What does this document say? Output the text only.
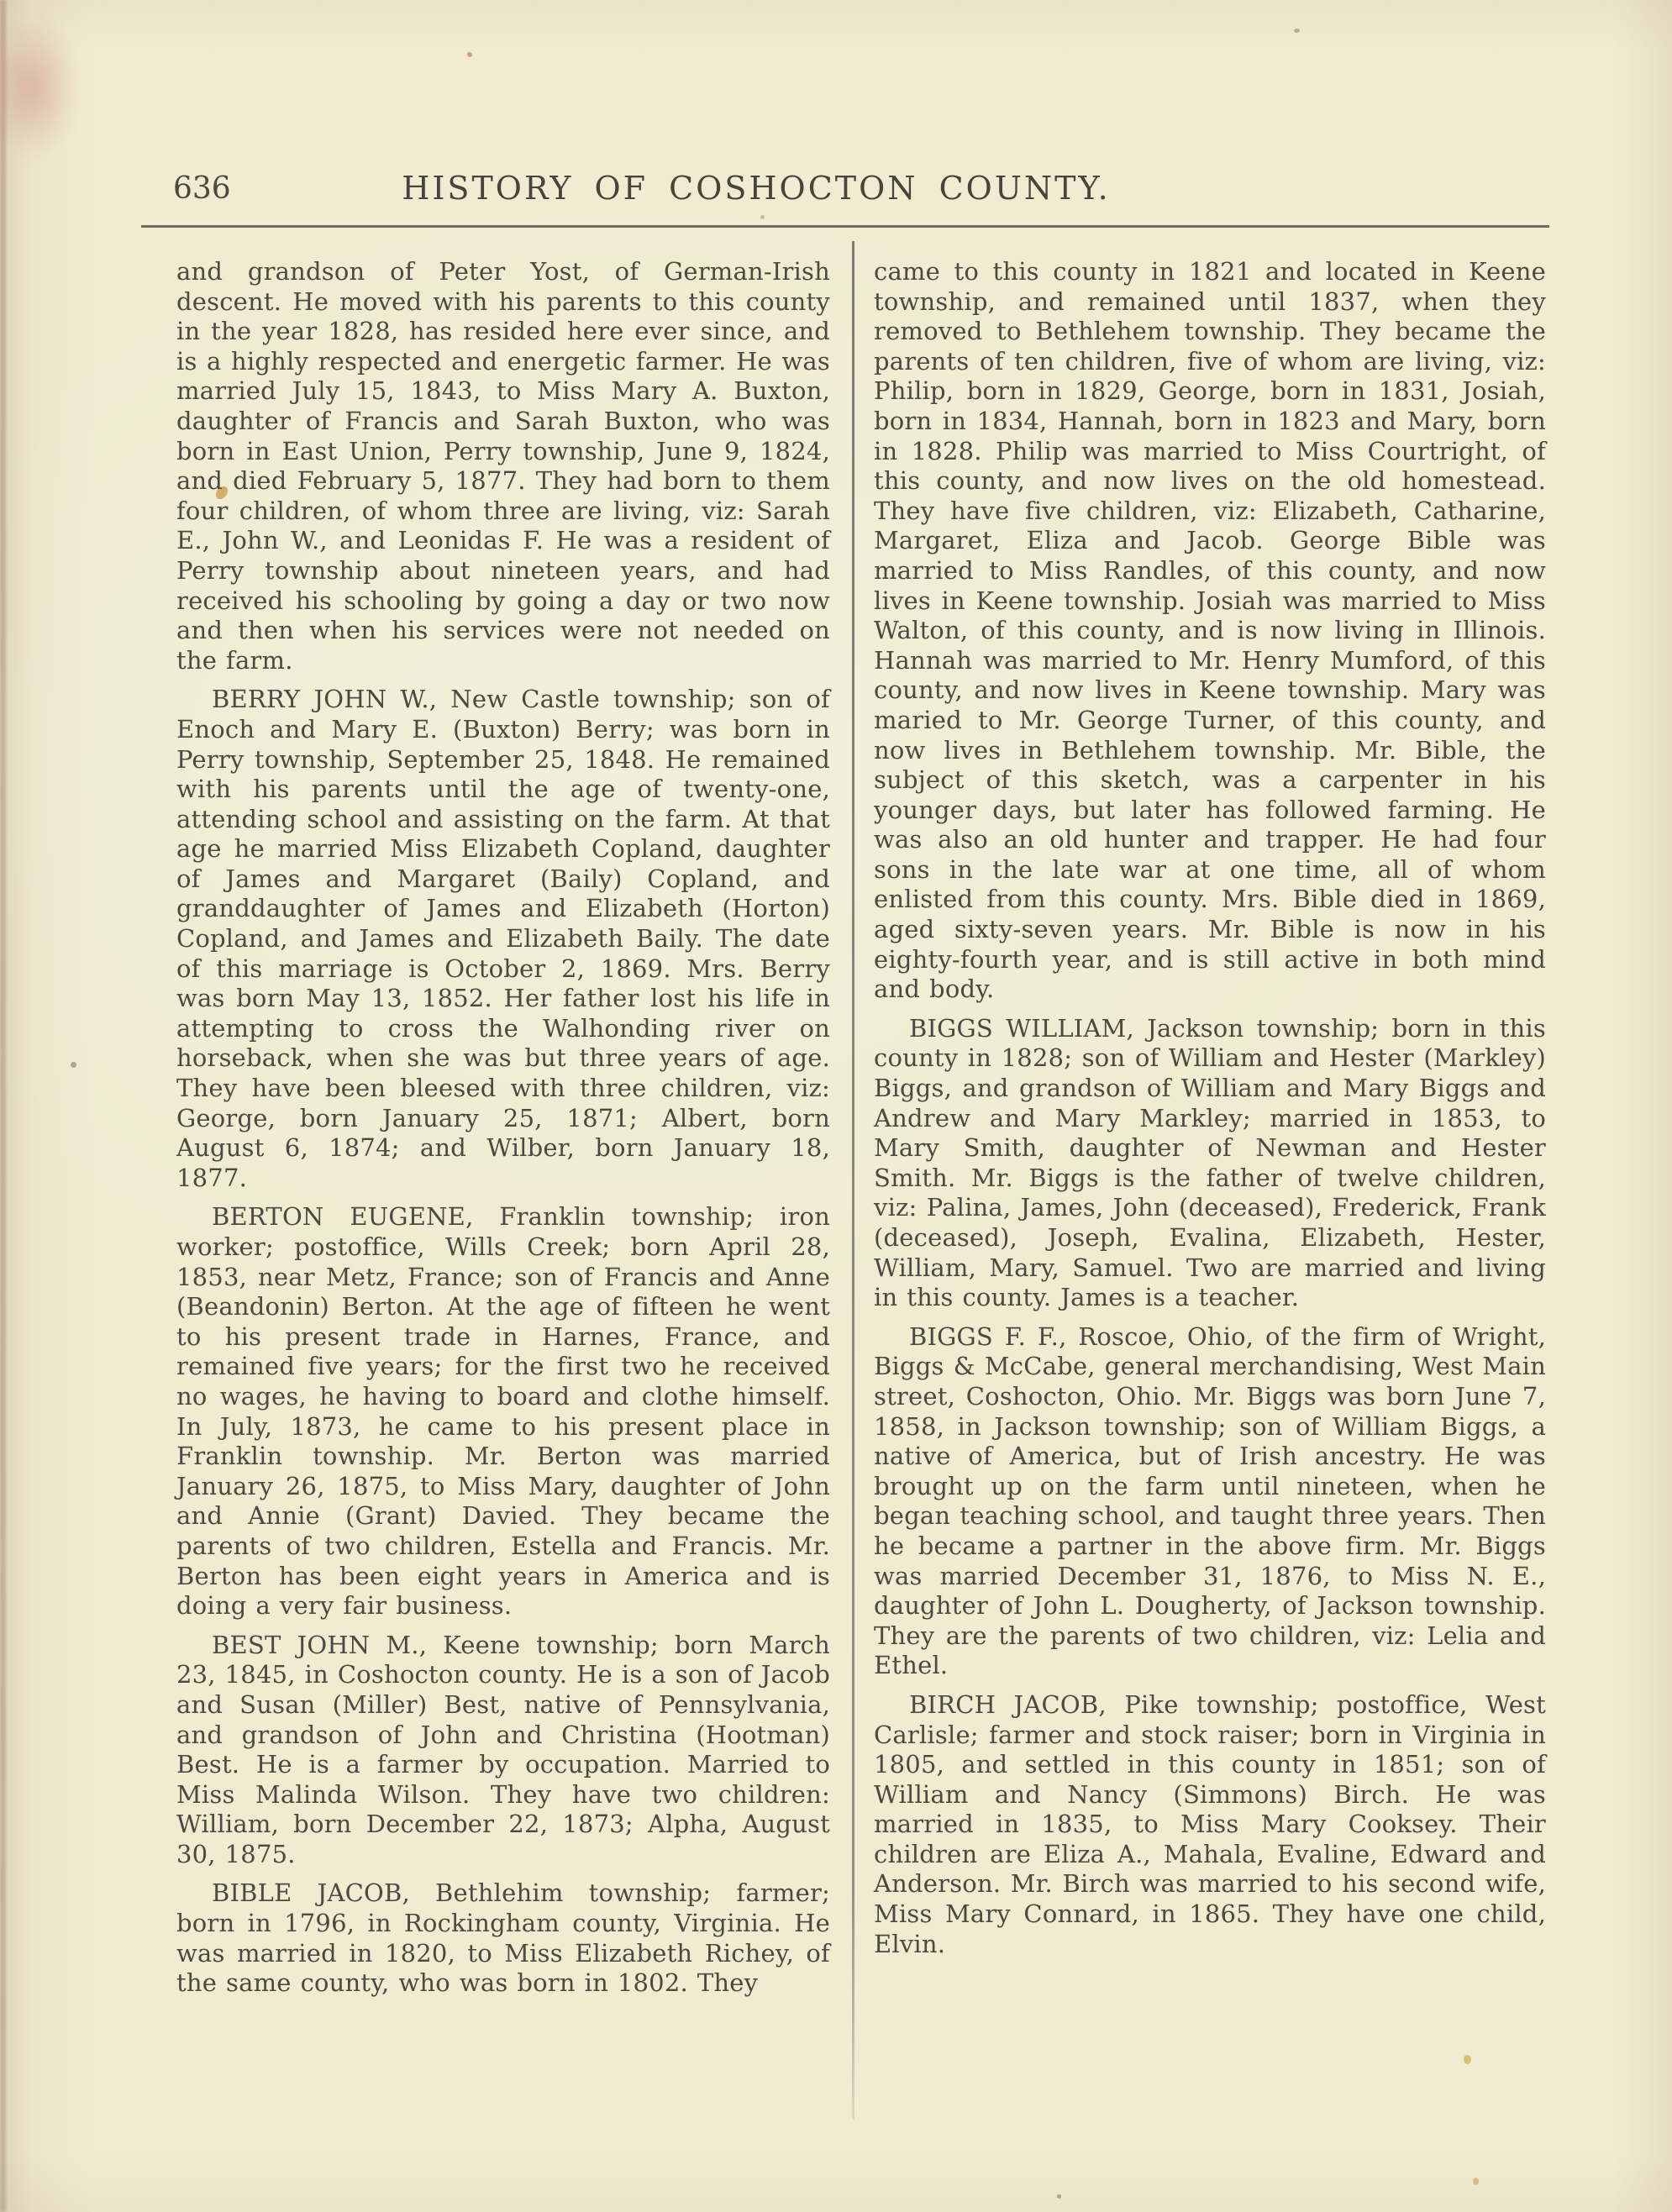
636	HISTORY OF COSHOCTON COUNTY.

and grandson of Peter Yost, of German-Irish descent. He moved with his parents to this county in the year 1828, has resided here ever since, and is a highly respected and energetic farmer. He was married July 15, 1843, to Miss Mary A. Buxton, daughter of Francis and Sarah Buxton, who was born in East Union, Perry township, June 9, 1824, and died February 5, 1877. They had born to them four children, of whom three are living, viz: Sarah E., John W., and Leonidas F. He was a resident of Perry township about nineteen years, and had received his schooling by going a day or two now and then when his services were not needed on the farm.

BERRY JOHN W., New Castle township; son of Enoch and Mary E. (Buxton) Berry; was born in Perry township, September 25, 1848. He remained with his parents until the age of twenty-one, attending school and assisting on the farm. At that age he married Miss Elizabeth Copland, daughter of James and Margaret (Baily) Copland, and granddaughter of James and Elizabeth (Horton) Copland, and James and Elizabeth Baily. The date of this marriage is October 2, 1869. Mrs. Berry was born May 13, 1852. Her father lost his life in attempting to cross the Walhonding river on horseback, when she was but three years of age. They have been bleesed with three children, viz: George, born January 25, 1871; Albert, born August 6, 1874; and Wilber, born January 18, 1877.

BERTON EUGENE, Franklin township; iron worker; postoffice, Wills Creek; born April 28, 1853, near Metz, France; son of Francis and Anne (Beandonin) Berton. At the age of fifteen he went to his present trade in Harnes, France, and remained five years; for the first two he received no wages, he having to board and clothe himself. In July, 1873, he came to his present place in Franklin township. Mr. Berton was married January 26, 1875, to Miss Mary, daughter of John and Annie (Grant) Davied. They became the parents of two children, Estella and Francis. Mr. Berton has been eight years in America and is doing a very fair business.

BEST JOHN M., Keene township; born March 23, 1845, in Coshocton county. He is a son of Jacob and Susan (Miller) Best, native of Pennsylvania, and grandson of John and Christina (Hootman) Best. He is a farmer by occupation. Married to Miss Malinda Wilson. They have two children: William, born December 22, 1873; Alpha, August 30, 1875.

BIBLE JACOB, Bethlehim township; farmer; born in 1796, in Rockingham county, Virginia. He was married in 1820, to Miss Elizabeth Richey, of the same county, who was born in 1802. They

came to this county in 1821 and located in Keene township, and remained until 1837, when they removed to Bethlehem township. They became the parents of ten children, five of whom are living, viz: Philip, born in 1829, George, born in 1831, Josiah, born in 1834, Hannah, born in 1823 and Mary, born in 1828. Philip was married to Miss Courtright, of this county, and now lives on the old homestead. They have five children, viz: Elizabeth, Catharine, Margaret, Eliza and Jacob. George Bible was married to Miss Randles, of this county, and now lives in Keene township. Josiah was married to Miss Walton, of this county, and is now living in Illinois. Hannah was married to Mr. Henry Mumford, of this county, and now lives in Keene township. Mary was maried to Mr. George Turner, of this county, and now lives in Bethlehem township. Mr. Bible, the subject of this sketch, was a carpenter in his younger days, but later has followed farming. He was also an old hunter and trapper. He had four sons in the late war at one time, all of whom enlisted from this county. Mrs. Bible died in 1869, aged sixty-seven years. Mr. Bible is now in his eighty-fourth year, and is still active in both mind and body.

BIGGS WILLIAM, Jackson township; born in this county in 1828; son of William and Hester (Markley) Biggs, and grandson of William and Mary Biggs and Andrew and Mary Markley; married in 1853, to Mary Smith, daughter of Newman and Hester Smith. Mr. Biggs is the father of twelve children, viz: Palina, James, John (deceased), Frederick, Frank (deceased), Joseph, Evalina, Elizabeth, Hester, William, Mary, Samuel. Two are married and living in this county. James is a teacher.

BIGGS F. F., Roscoe, Ohio, of the firm of Wright, Biggs & McCabe, general merchandising, West Main street, Coshocton, Ohio. Mr. Biggs was born June 7, 1858, in Jackson township; son of William Biggs, a native of America, but of Irish ancestry. He was brought up on the farm until nineteen, when he began teaching school, and taught three years. Then he became a partner in the above firm. Mr. Biggs was married December 31, 1876, to Miss N. E., daughter of John L. Dougherty, of Jackson township. They are the parents of two children, viz: Lelia and Ethel.

BIRCH JACOB, Pike township; postoffice, West Carlisle; farmer and stock raiser; born in Virginia in 1805, and settled in this county in 1851; son of William and Nancy (Simmons) Birch. He was married in 1835, to Miss Mary Cooksey. Their children are Eliza A., Mahala, Evaline, Edward and Anderson. Mr. Birch was married to his second wife, Miss Mary Connard, in 1865. They have one child, Elvin.
